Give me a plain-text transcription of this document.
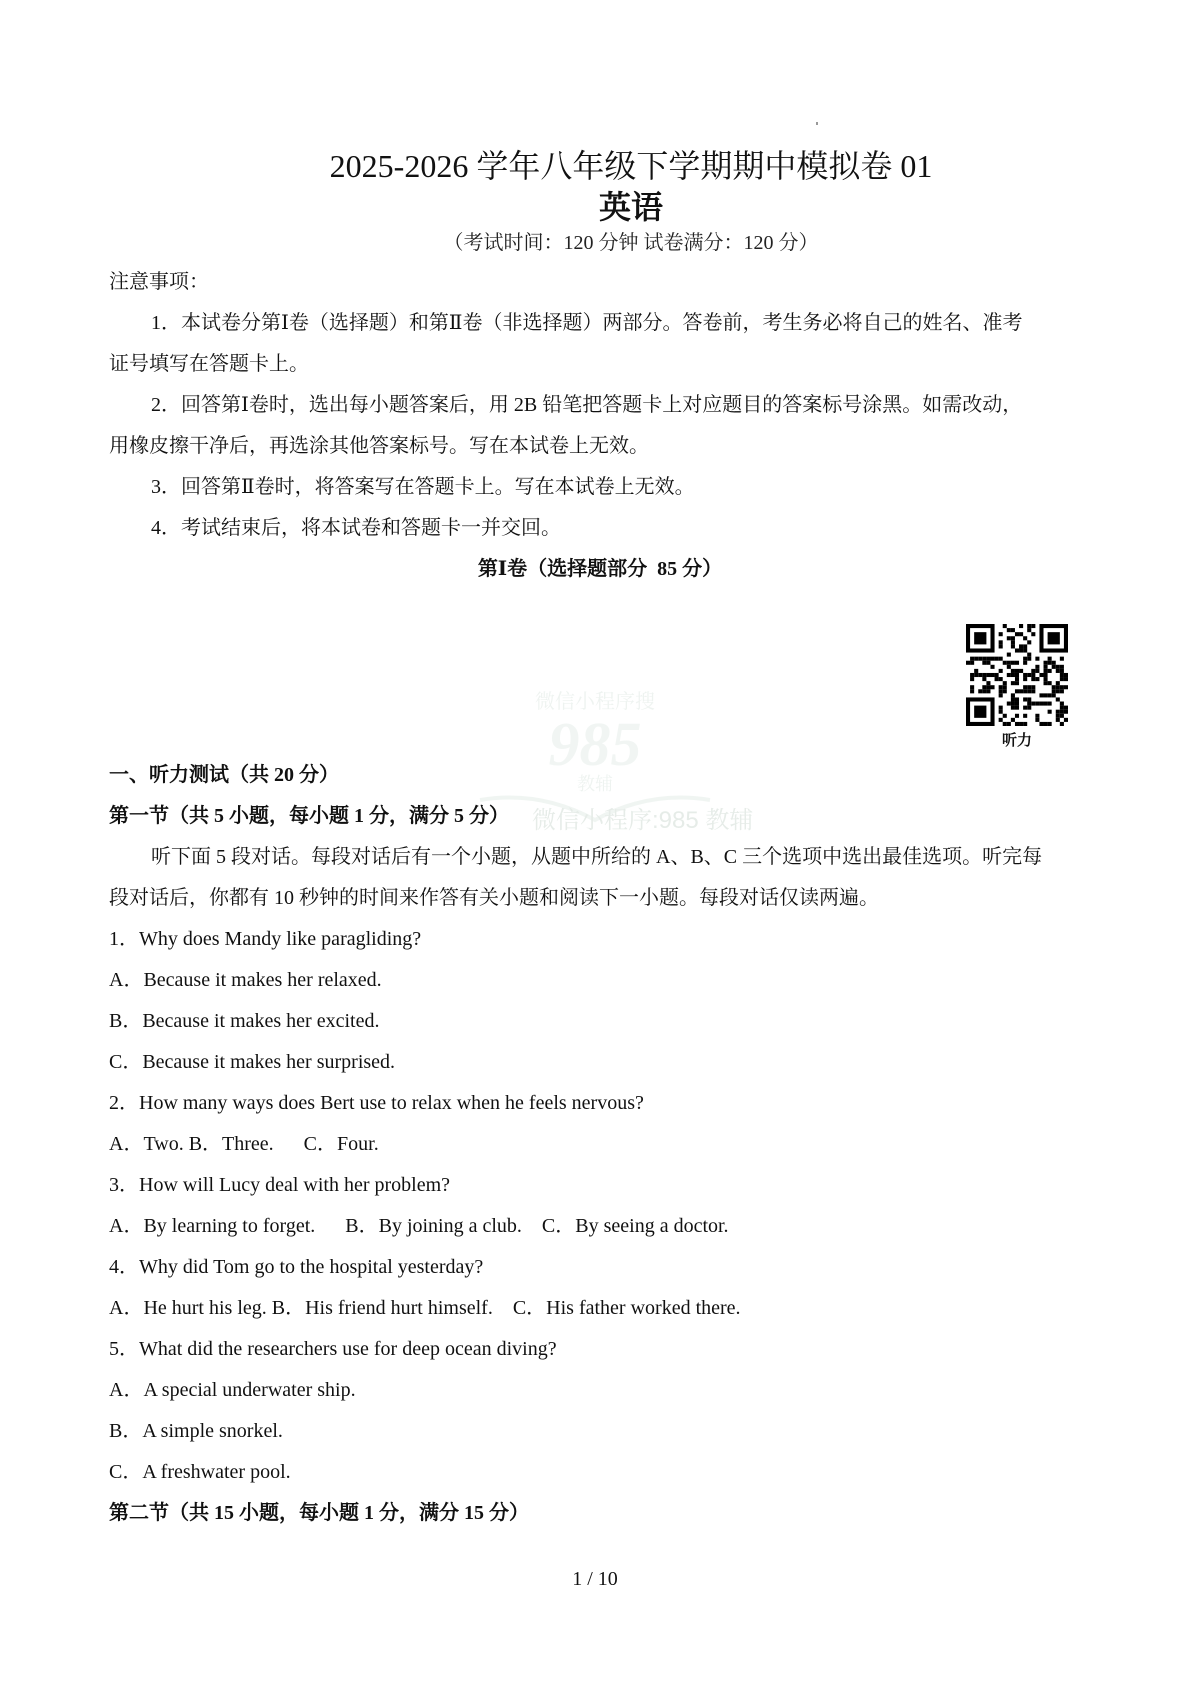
2025-2026 学年八年级下学期期中模拟卷 01
英语
（考试时间：120 分钟 试卷满分：120 分）
注意事项：
1．本试卷分第Ⅰ卷（选择题）和第Ⅱ卷（非选择题）两部分。答卷前，考生务必将自己的姓名、准考
证号填写在答题卡上。
2．回答第Ⅰ卷时，选出每小题答案后，用 2B 铅笔把答题卡上对应题目的答案标号涂黑。如需改动，
用橡皮擦干净后，再选涂其他答案标号。写在本试卷上无效。
3．回答第Ⅱ卷时，将答案写在答题卡上。写在本试卷上无效。
4．考试结束后，将本试卷和答题卡一并交回。
第Ⅰ卷（选择题部分  85 分）
微信小程序搜
985
教辅
微信小程序:985 教辅
听力
一、听力测试（共 20 分）
第一节（共 5 小题，每小题 1 分，满分 5 分）
听下面 5 段对话。每段对话后有一个小题，从题中所给的 A、B、C 三个选项中选出最佳选项。听完每
段对话后，你都有 10 秒钟的时间来作答有关小题和阅读下一小题。每段对话仅读两遍。
1．Why does Mandy like paragliding?
A．Because it makes her relaxed.
B．Because it makes her excited.
C．Because it makes her surprised.
2．How many ways does Bert use to relax when he feels nervous?
A．Two. B．Three.      C．Four.
3．How will Lucy deal with her problem?
A．By learning to forget.      B．By joining a club.    C．By seeing a doctor.
4．Why did Tom go to the hospital yesterday?
A．He hurt his leg. B．His friend hurt himself.    C．His father worked there.
5．What did the researchers use for deep ocean diving?
A．A special underwater ship.
B．A simple snorkel.
C．A freshwater pool.
第二节（共 15 小题，每小题 1 分，满分 15 分）
1 / 10
